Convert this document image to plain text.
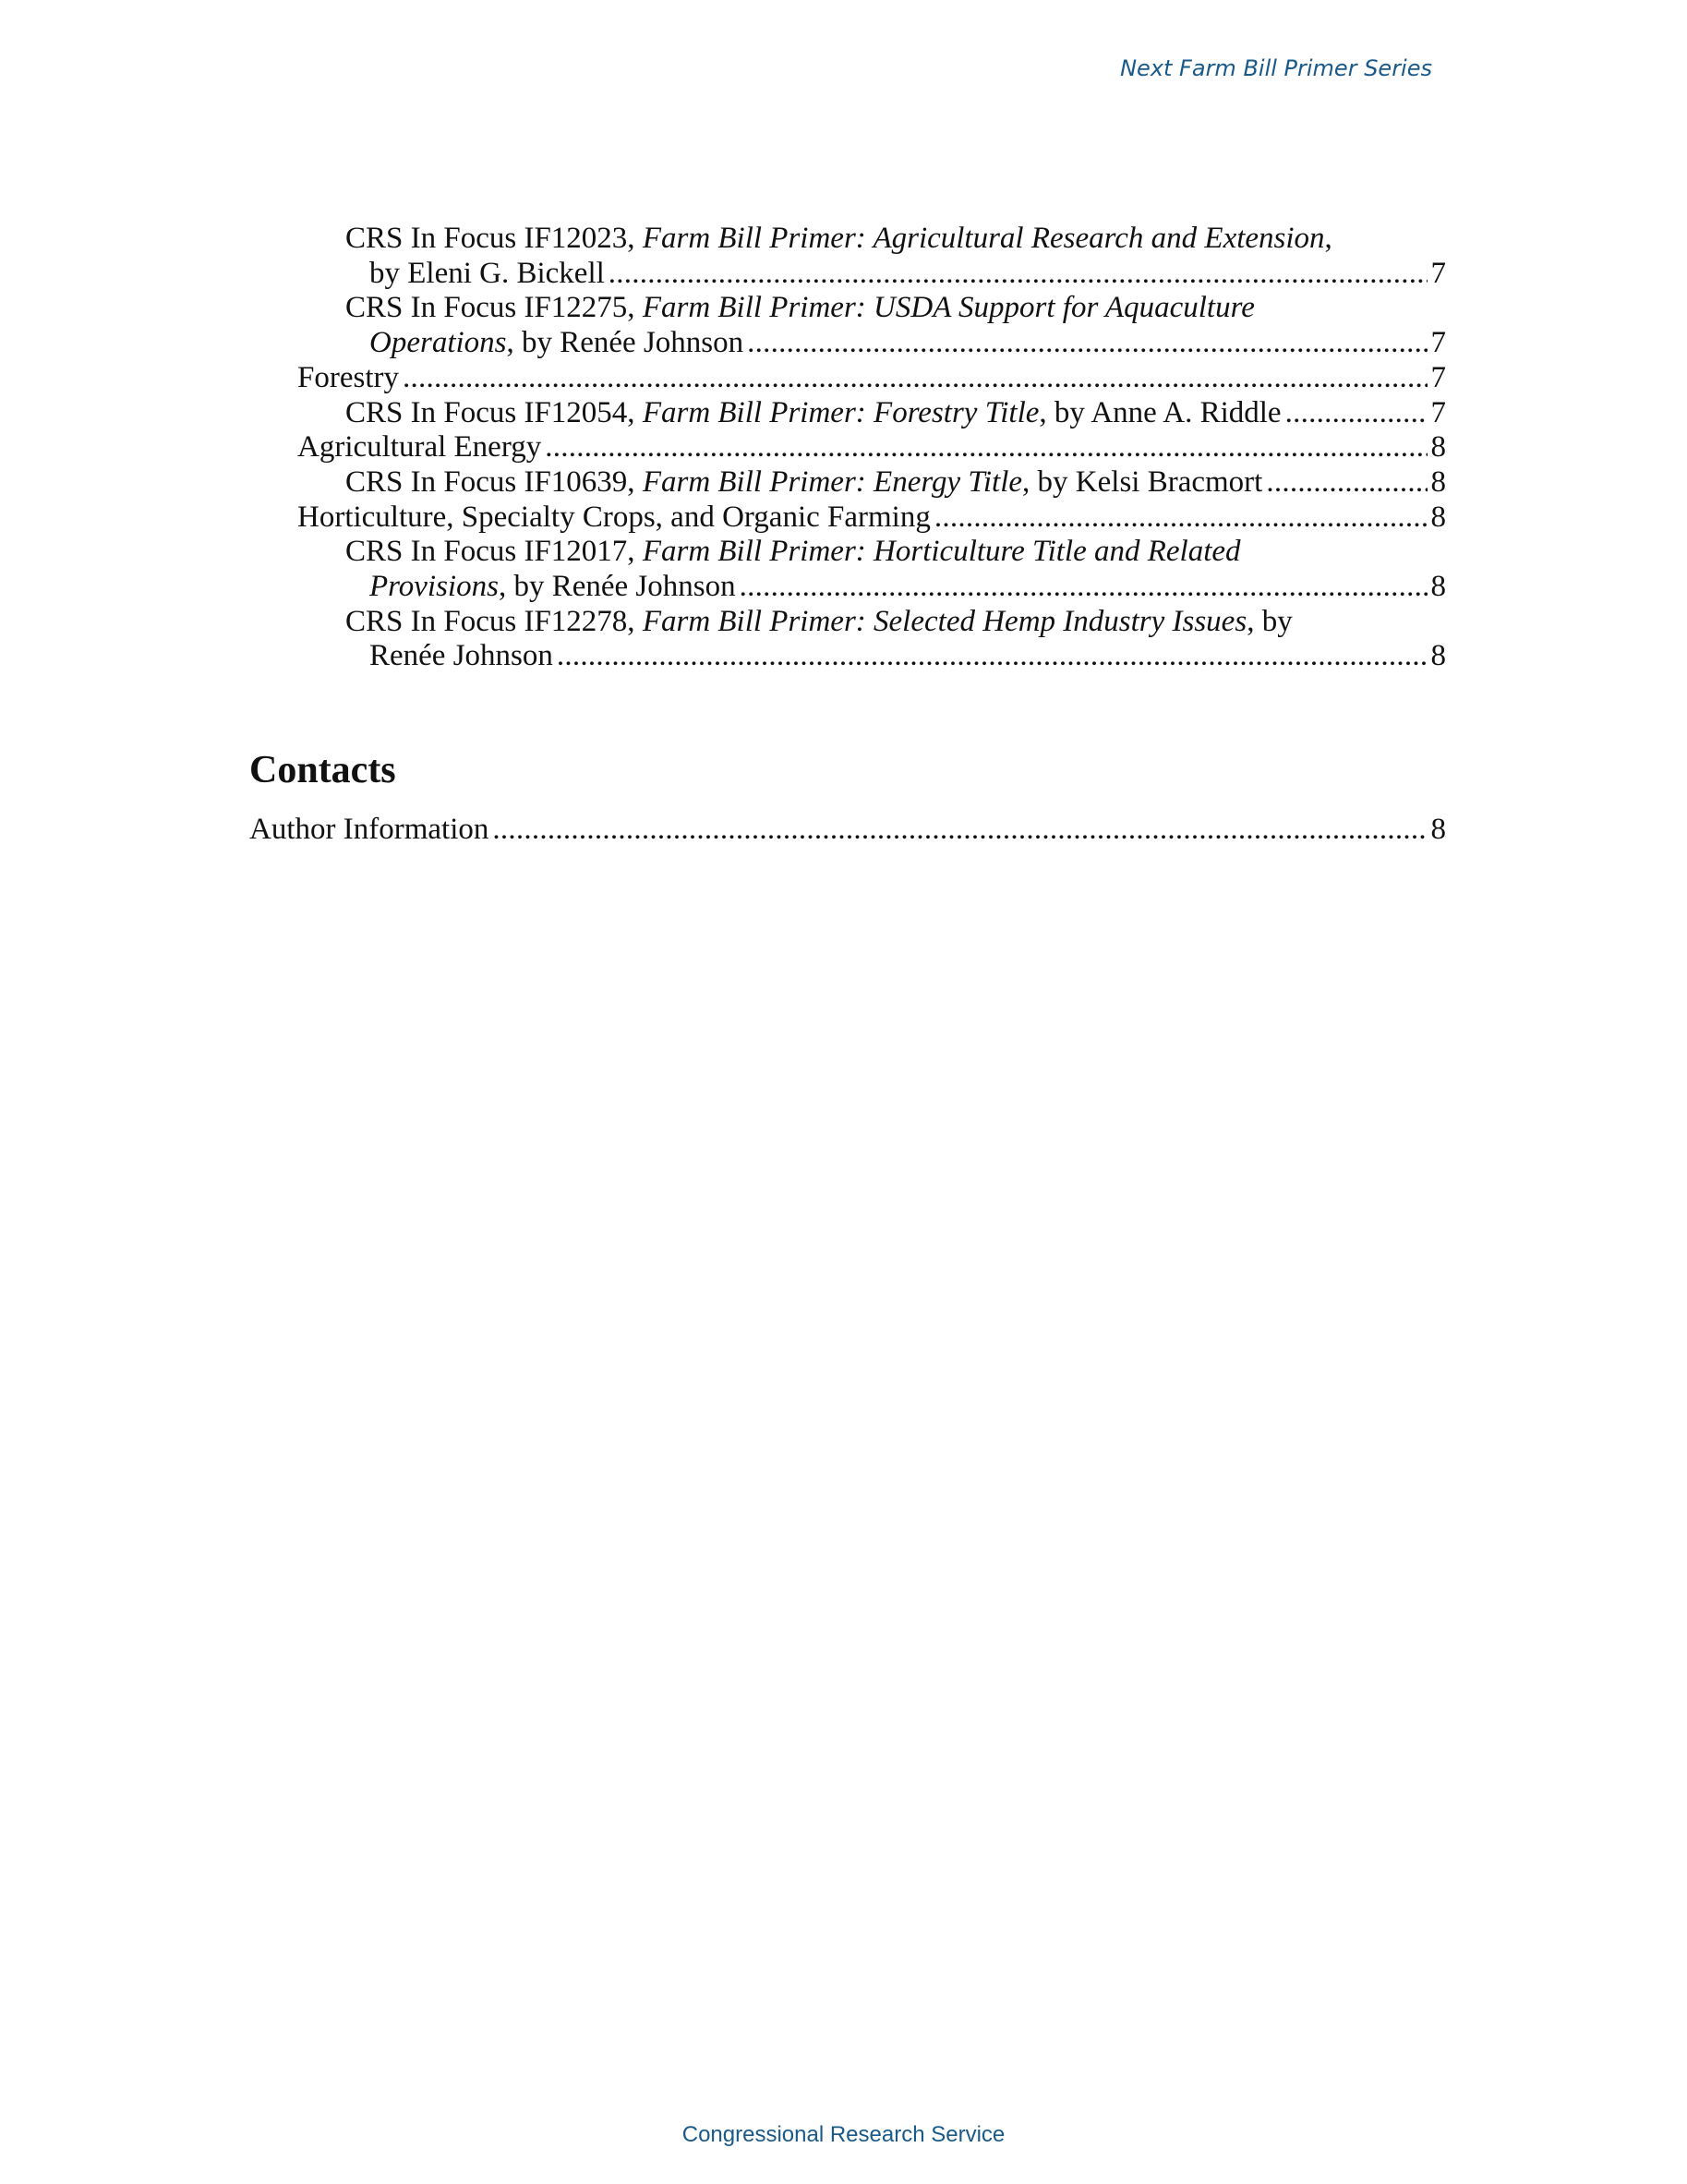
Next Farm Bill Primer Series
CRS In Focus IF12023, Farm Bill Primer: Agricultural Research and Extension,
by Eleni G. Bickell . . .	7
CRS In Focus IF12275, Farm Bill Primer: USDA Support for Aquaculture
Operations, by Renée Johnson . . .	7
Forestry . . .	7
CRS In Focus IF12054, Farm Bill Primer: Forestry Title, by Anne A. Riddle . . .	7
Agricultural Energy . . .	8
CRS In Focus IF10639, Farm Bill Primer: Energy Title, by Kelsi Bracmort . . .	8
Horticulture, Specialty Crops, and Organic Farming . . .	8
CRS In Focus IF12017, Farm Bill Primer: Horticulture Title and Related
Provisions, by Renée Johnson . . .	8
CRS In Focus IF12278, Farm Bill Primer: Selected Hemp Industry Issues, by
Renée Johnson . . .	8
Contacts
Author Information . . .	8
Congressional Research Service
